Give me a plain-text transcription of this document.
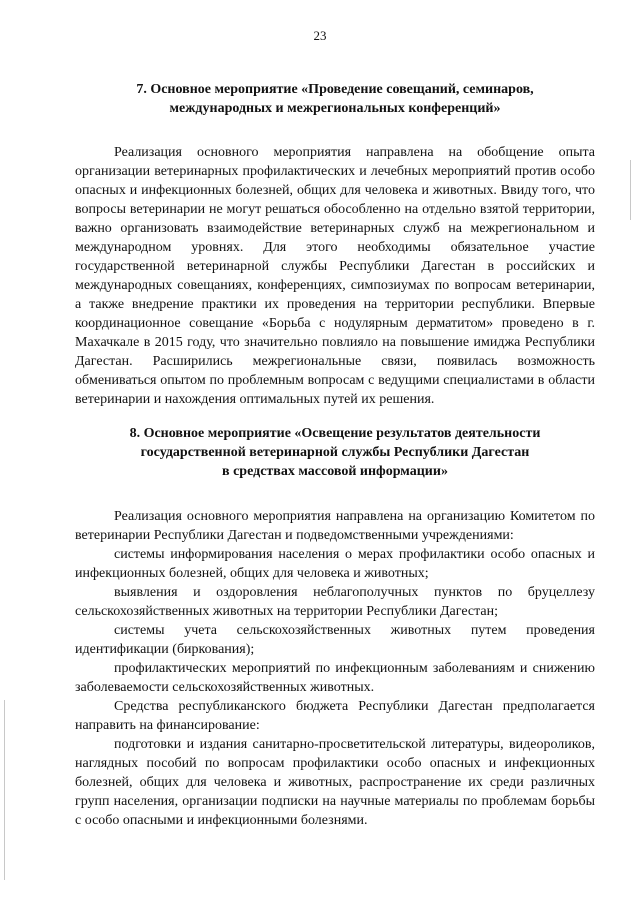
23
7. Основное мероприятие «Проведение совещаний, семинаров,
международных и межрегиональных конференций»

Реализация основного мероприятия направлена на обобщение опыта организации ветеринарных профилактических и лечебных мероприятий против особо опасных и инфекционных болезней, общих для человека и животных. Ввиду того, что вопросы ветеринарии не могут решаться обособленно на отдельно взятой территории, важно организовать взаимодействие ветеринарных служб на межрегиональном и международном уровнях. Для этого необходимы обязательное участие государственной ветеринарной службы Республики Дагестан в российских и международных совещаниях, конференциях, симпозиумах по вопросам ветеринарии, а также внедрение практики их проведения на территории республики. Впервые координационное совещание «Борьба с нодулярным дерматитом» проведено в г. Махачкале в 2015 году, что значительно повлияло на повышение имиджа Республики Дагестан. Расширились межрегиональные связи, появилась возможность обмениваться опытом по проблемным вопросам с ведущими специалистами в области ветеринарии и нахождения оптимальных путей их решения.

8. Основное мероприятие «Освещение результатов деятельности
государственной ветеринарной службы Республики Дагестан
в средствах массовой информации»

Реализация основного мероприятия направлена на организацию Комитетом по ветеринарии Республики Дагестан и подведомственными учреждениями:

системы информирования населения о мерах профилактики особо опасных и инфекционных болезней, общих для человека и животных;

выявления и оздоровления неблагополучных пунктов по бруцеллезу сельскохозяйственных животных на территории Республики Дагестан;

системы учета сельскохозяйственных животных путем проведения идентификации (биркования);

профилактических мероприятий по инфекционным заболеваниям и снижению заболеваемости сельскохозяйственных животных.

Средства республиканского бюджета Республики Дагестан предполагается направить на финансирование:

подготовки и издания санитарно-просветительской литературы, видеороликов, наглядных пособий по вопросам профилактики особо опасных и инфекционных болезней, общих для человека и животных, распространение их среди различных групп населения, организации подписки на научные материалы по проблемам борьбы с особо опасными и инфекционными болезнями.
